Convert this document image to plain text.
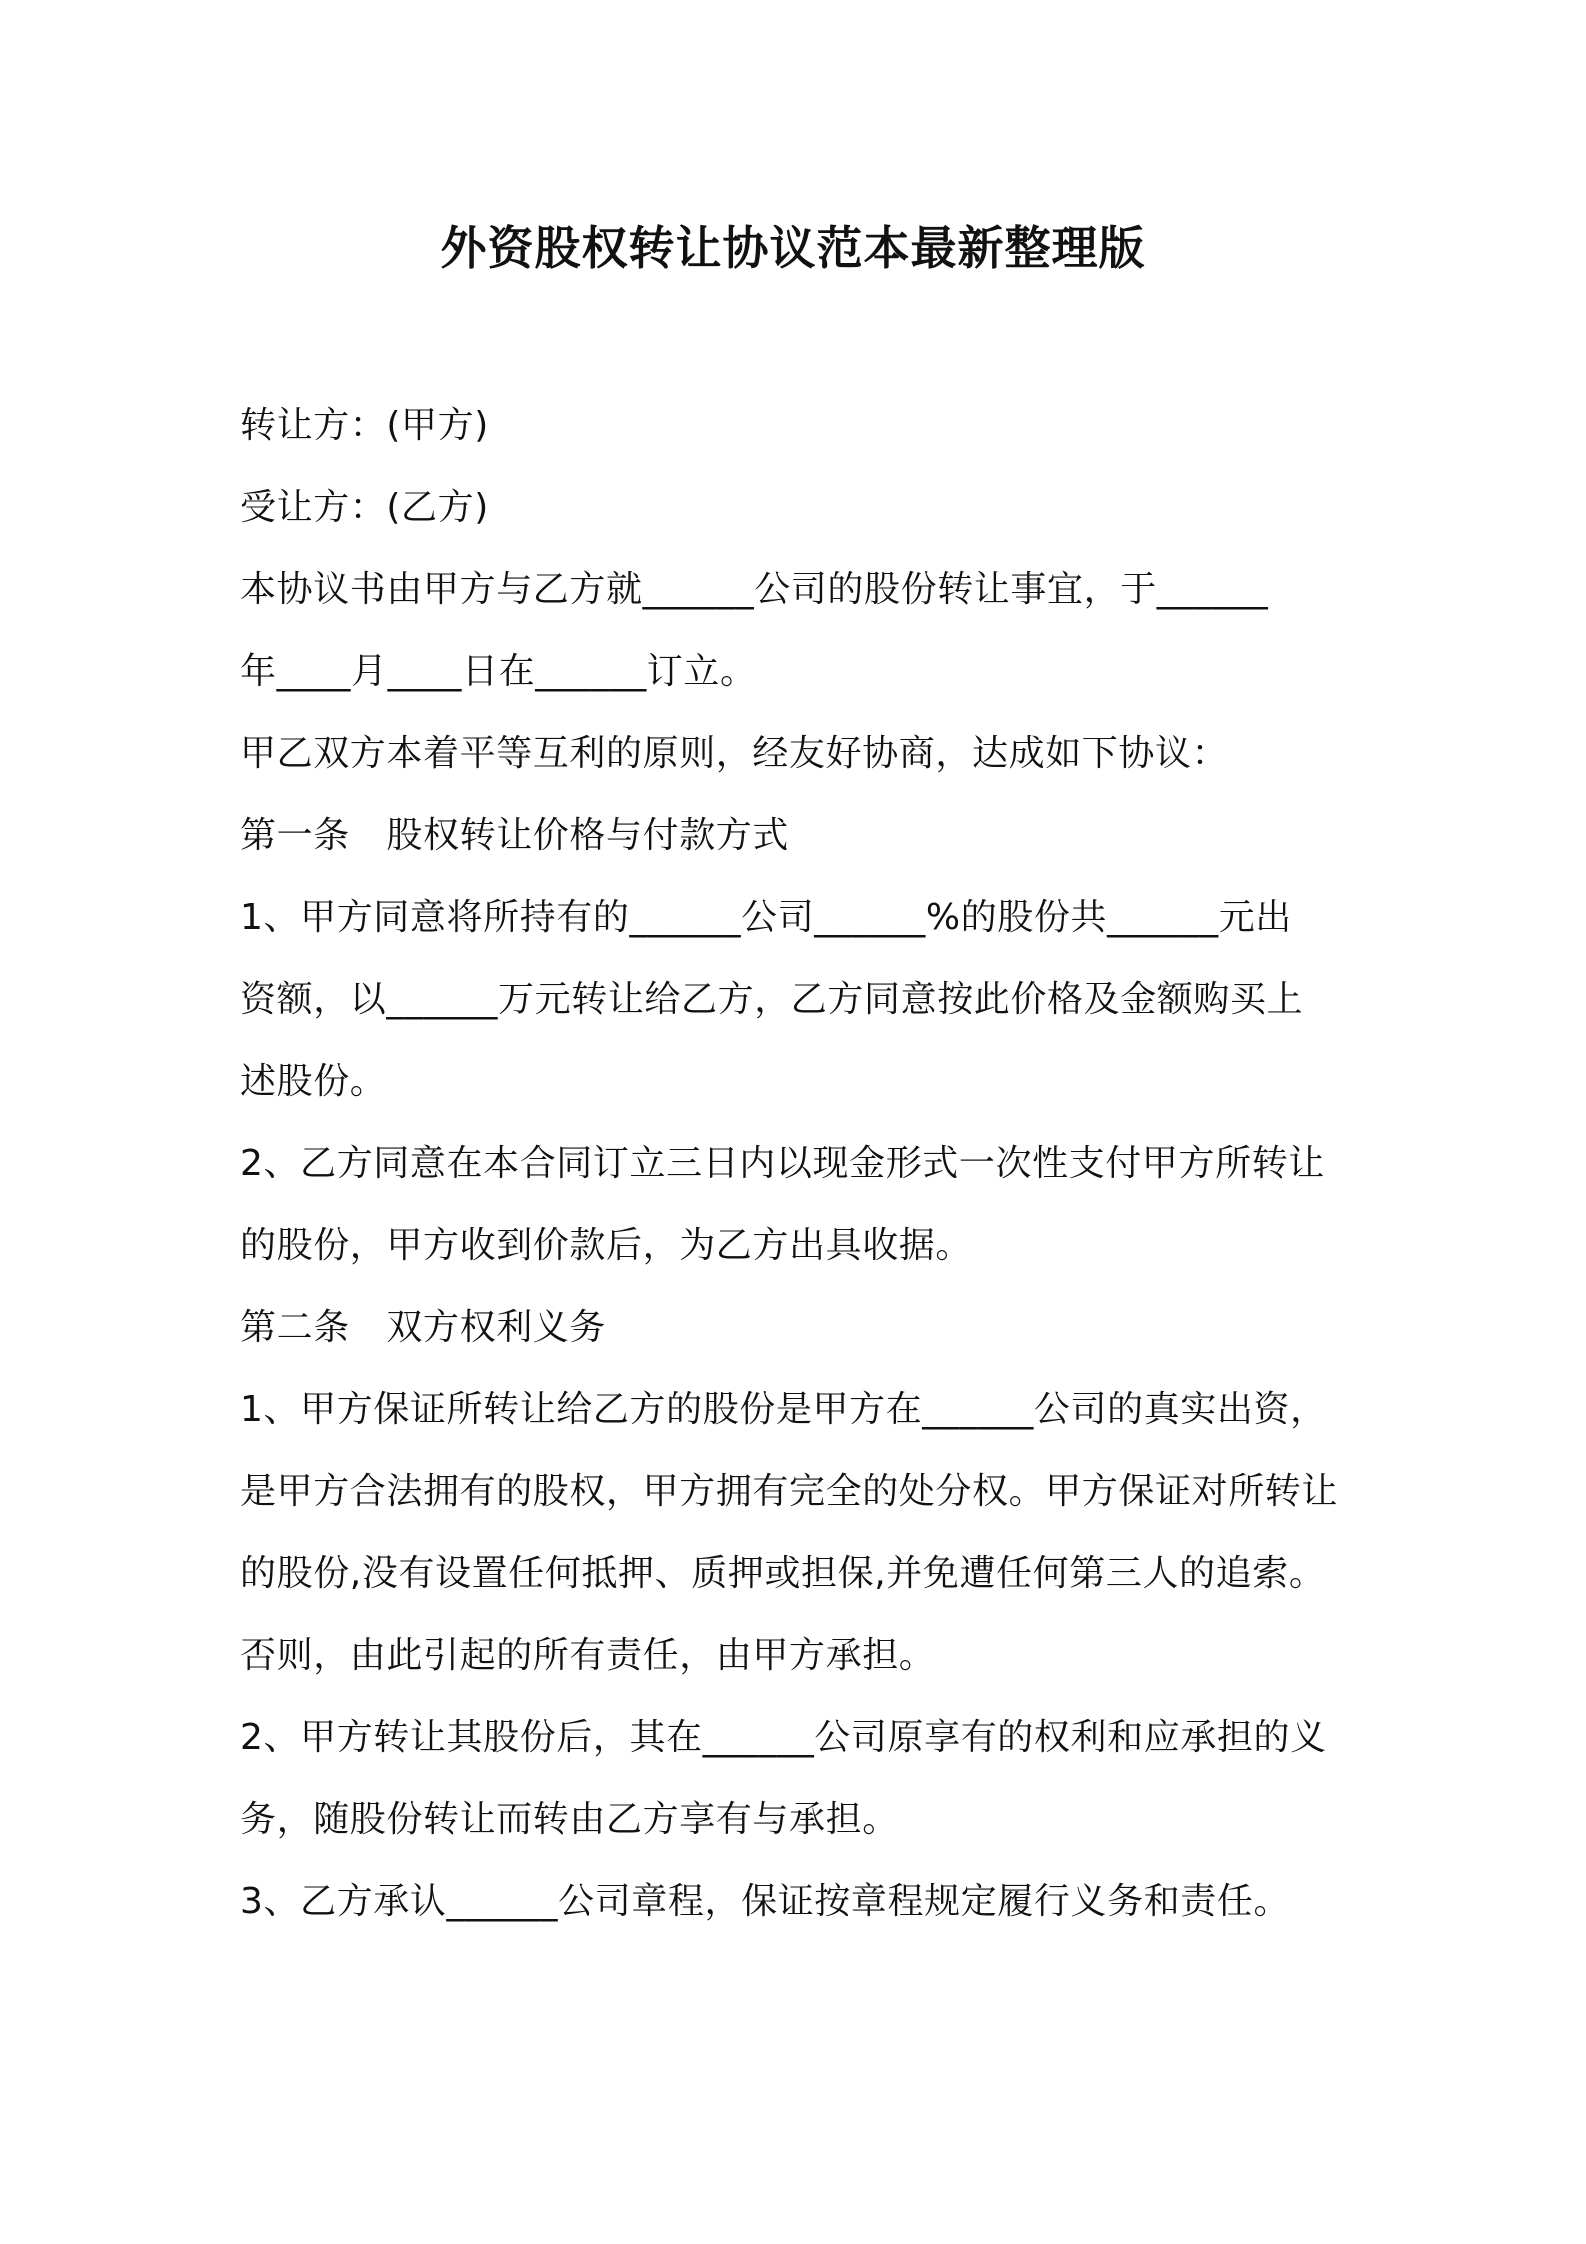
外资股权转让协议范本最新整理版
转让方：(甲方)
受让方：(乙方)
本协议书由甲方与乙方就______公司的股份转让事宜，于______
年____月____日在______订立。
甲乙双方本着平等互利的原则，经友好协商，达成如下协议：
第一条　股权转让价格与付款方式
1、甲方同意将所持有的______公司______%的股份共______元出
资额，以______万元转让给乙方，乙方同意按此价格及金额购买上
述股份。
2、乙方同意在本合同订立三日内以现金形式一次性支付甲方所转让
的股份，甲方收到价款后，为乙方出具收据。
第二条　双方权利义务
1、甲方保证所转让给乙方的股份是甲方在______公司的真实出资，
是甲方合法拥有的股权，甲方拥有完全的处分权。甲方保证对所转让
的股份,没有设置任何抵押、质押或担保,并免遭任何第三人的追索。
否则，由此引起的所有责任，由甲方承担。
2、甲方转让其股份后，其在______公司原享有的权利和应承担的义
务，随股份转让而转由乙方享有与承担。
3、乙方承认______公司章程，保证按章程规定履行义务和责任。
